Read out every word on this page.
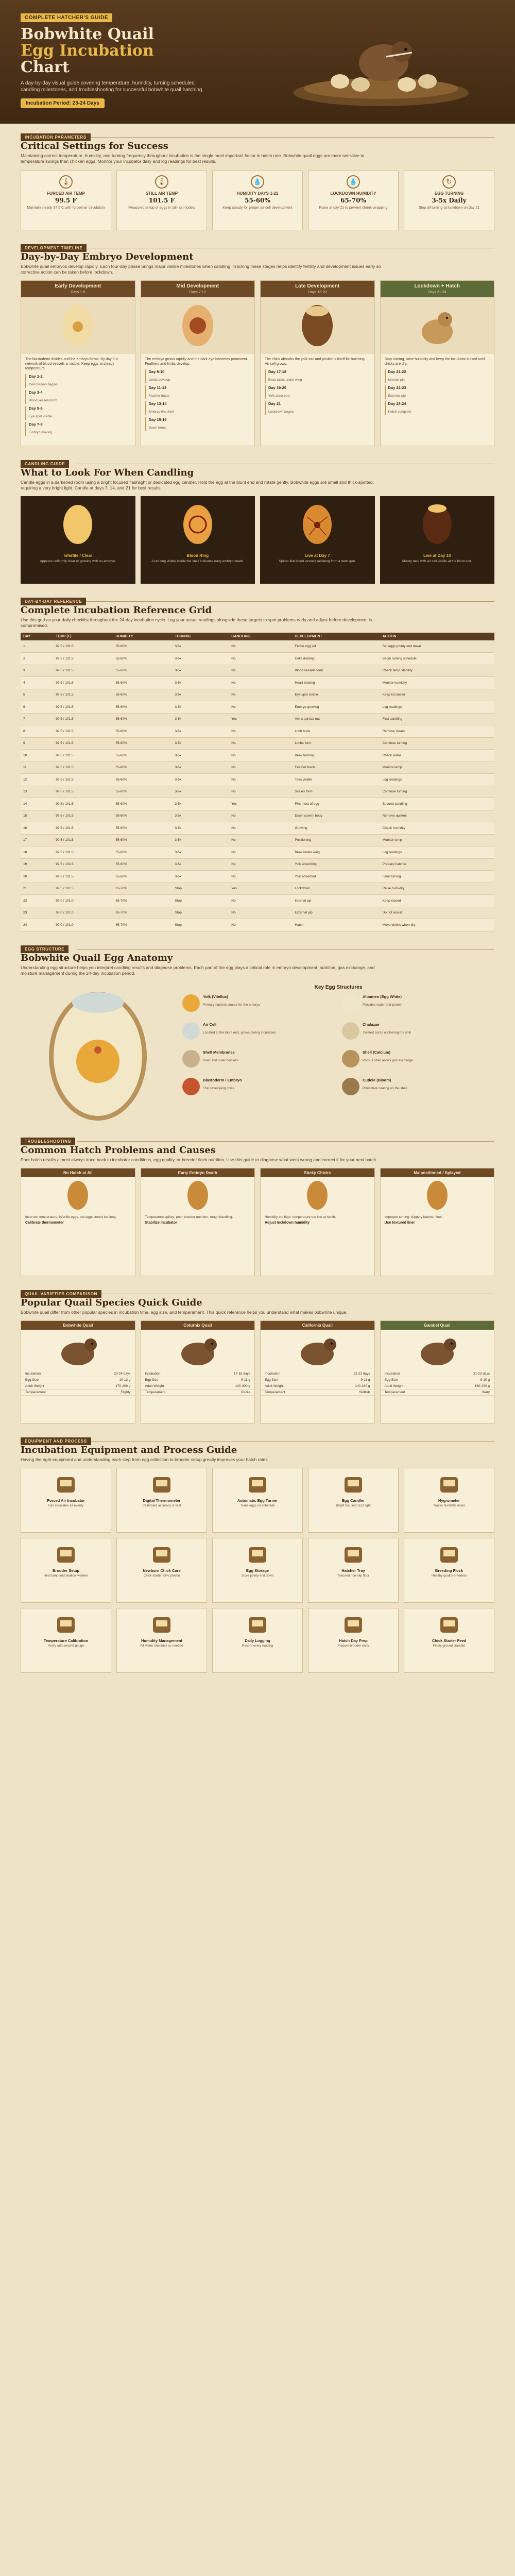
COMPLETE HATCHER'S GUIDE
Bobwhite Quail
Egg Incubation
Chart

A day-by-day visual guide covering temperature, humidity, turning schedules, candling milestones, and troubleshooting for successful bobwhite quail hatching.

Incubation Period: 23-24 Days
INCUBATION PARAMETERS
Critical Settings for Success

Maintaining correct temperature, humidity, and turning frequency throughout incubation is the single most important factor in hatch rate. Bobwhite quail eggs are more sensitive to temperature swings than chicken eggs. Monitor your incubator daily and log readings for best results.

🌡
FORCED AIR TEMP
99.5 F
Maintain steady 37.5 C with forced-air circulation
🌡
STILL AIR TEMP
101.5 F
Measured at top of eggs in still-air models
💧
HUMIDITY DAYS 1-21
55-60%
Keep steady for proper air cell development
💧
LOCKDOWN HUMIDITY
65-70%
Raise at day 21 to prevent shrink-wrapping
↻
EGG TURNING
3-5x Daily
Stop all turning at lockdown on day 21
DEVELOPMENT TIMELINE
Day-by-Day Embryo Development

Bobwhite quail embryos develop rapidly. Each four-day phase brings major visible milestones when candling. Tracking these stages helps identify fertility and development issues early so corrective action can be taken before lockdown.

Early Development
Days 1-6
The blastoderm divides and the embryo forms. By day 3 a network of blood vessels is visible. Keep eggs at steady temperature.
Day 1-2
Cell division begins
Day 3-4
Blood vessels form
Day 5-6
Eye spot visible
Day 7-8
Embryo moving
Mid Development
Days 7-12
The embryo grows rapidly and the dark eye becomes prominent. Feathers and limbs develop.
Day 9-10
Limbs develop
Day 11-12
Feather tracts
Day 13-14
Embryo fills shell
Day 15-16
Down forms
Late Development
Days 13-20
The chick absorbs the yolk sac and positions itself for hatching. Air cell grows.
Day 17-18
Beak tucks under wing
Day 19-20
Yolk absorbed
Day 21
Lockdown begins
Lockdown + Hatch
Days 21-24
Stop turning, raise humidity and keep the incubator closed until chicks are dry.
Day 21-22
Internal pip
Day 22-23
External pip
Day 23-24
Hatch complete
CANDLING GUIDE
What to Look For When Candling

Candle eggs in a darkened room using a bright focused flashlight or dedicated egg candler. Hold the egg at the blunt end and rotate gently. Bobwhite eggs are small and thick-spotted, requiring a very bright light. Candle at days 7, 14, and 21 for best results.

Infertile / Clear
Appears uniformly clear or glowing with no embryo.
Blood Ring
A red ring visible inside the shell indicates early embryo death.
Live at Day 7
Spider-like blood vessels radiating from a dark spot.
Live at Day 14
Mostly dark with air cell visible at the blunt end.
DAY-BY-DAY REFERENCE
Complete Incubation Reference Grid

Use this grid as your daily checklist throughout the 24-day incubation cycle. Log your actual readings alongside these targets to spot problems early and adjust before development is compromised.

DAY	TEMP (F)	HUMIDITY	TURNING	CANDLING	DEVELOPMENT	ACTION
1	99.5 / 101.5	55-60%	3-5x	No	Fertile egg set	Set eggs pointy end down
2	99.5 / 101.5	55-60%	3-5x	No	Cells dividing	Begin turning schedule
3	99.5 / 101.5	55-60%	3-5x	No	Blood vessels form	Check temp stability
4	99.5 / 101.5	55-60%	3-5x	No	Heart beating	Monitor humidity
5	99.5 / 101.5	55-60%	3-5x	No	Eye spot visible	Keep lid closed
6	99.5 / 101.5	55-60%	3-5x	No	Embryo growing	Log readings
7	99.5 / 101.5	55-60%	3-5x	Yes	Veins spread out	First candling
8	99.5 / 101.5	55-60%	3-5x	No	Limb buds	Remove clears
9	99.5 / 101.5	55-60%	3-5x	No	Limbs form	Continue turning
10	99.5 / 101.5	55-60%	3-5x	No	Beak forming	Check water
11	99.5 / 101.5	55-60%	3-5x	No	Feather tracts	Monitor temp
12	99.5 / 101.5	55-60%	3-5x	No	Toes visible	Log readings
13	99.5 / 101.5	55-60%	3-5x	No	Scales form	Continue turning
14	99.5 / 101.5	55-60%	3-5x	Yes	Fills most of egg	Second candling
15	99.5 / 101.5	55-60%	3-5x	No	Down covers body	Remove quitters
16	99.5 / 101.5	55-60%	3-5x	No	Growing	Check humidity
17	99.5 / 101.5	55-60%	3-5x	No	Positioning	Monitor temp
18	99.5 / 101.5	55-60%	3-5x	No	Beak under wing	Log readings
19	99.5 / 101.5	55-60%	3-5x	No	Yolk absorbing	Prepare hatcher
20	99.5 / 101.5	55-60%	3-5x	No	Yolk absorbed	Final turning
21	99.5 / 101.5	65-70%	Stop	Yes	Lockdown	Raise humidity
22	99.0 / 101.0	65-70%	Stop	No	Internal pip	Keep closed
23	99.0 / 101.0	65-70%	Stop	No	External pip	Do not assist
24	99.0 / 101.0	65-70%	Stop	No	Hatch	Move chicks when dry
EGG STRUCTURE
Bobwhite Quail Egg Anatomy

Understanding egg structure helps you interpret candling results and diagnose problems. Each part of the egg plays a critical role in embryo development, nutrition, gas exchange, and moisture management during the 24-day incubation period.

Key Egg Structures
Yolk (Vitellus)
Primary nutrient source for the embryo
Albumen (Egg White)
Provides water and protein
Air Cell
Located at the blunt end, grows during incubation
Chalazae
Twisted cords anchoring the yolk
Shell Membranes
Inner and outer barriers
Shell (Calcium)
Porous shell allows gas exchange
Blastoderm / Embryo
The developing chick
Cuticle (Bloom)
Protective coating on the shell
TROUBLESHOOTING
Common Hatch Problems and Causes

Poor hatch results almost always trace back to incubator conditions, egg quality, or breeder flock nutrition. Use this guide to diagnose what went wrong and correct it for your next batch.

No Hatch at All
Incorrect temperature, infertile eggs, old eggs stored too long.
Calibrate thermometer
Early Embryo Death
Temperature spikes, poor breeder nutrition, rough handling.
Stabilize incubator
Sticky Chicks
Humidity too high, temperature too low at hatch.
Adjust lockdown humidity
Malpositioned / Splayed
Improper turning, slippery hatcher floor.
Use textured liner
QUAIL VARIETIES COMPARISON
Popular Quail Species Quick Guide

Bobwhite quail differ from other popular species in incubation time, egg size, and temperament. This quick reference helps you understand what makes bobwhite unique.

Bobwhite Quail
Incubation	23-24 days
Egg Size	10-12 g
Adult Weight	170-200 g
Temperament	Flighty
Coturnix Quail
Incubation	17-18 days
Egg Size	9-11 g
Adult Weight	140-300 g
Temperament	Docile
California Quail
Incubation	22-23 days
Egg Size	9-11 g
Adult Weight	140-180 g
Temperament	Skittish
Gambel Quail
Incubation	21-23 days
Egg Size	8-10 g
Adult Weight	160-200 g
Temperament	Wary
EQUIPMENT AND PROCESS
Incubation Equipment and Process Guide

Having the right equipment and understanding each step from egg collection to brooder setup greatly improves your hatch rates.

Forced Air Incubator
Fan circulates air evenly
Digital Thermometer
Calibrated accuracy is vital
Automatic Egg Turner
Turns eggs on schedule
Egg Candler
Bright focused LED light
Hygrometer
Tracks humidity levels
Brooder Setup
Heat lamp and shallow waterer
Newborn Chick Care
Chick starter 28% protein
Egg Storage
Store pointy end down
Hatcher Tray
Textured non-slip floor
Breeding Flock
Healthy quality breeders
Temperature Calibration
Verify with second gauge
Humidity Management
Fill water channels as needed
Daily Logging
Record every reading
Hatch Day Prep
Prepare brooder early
Chick Starter Feed
Finely ground crumble
